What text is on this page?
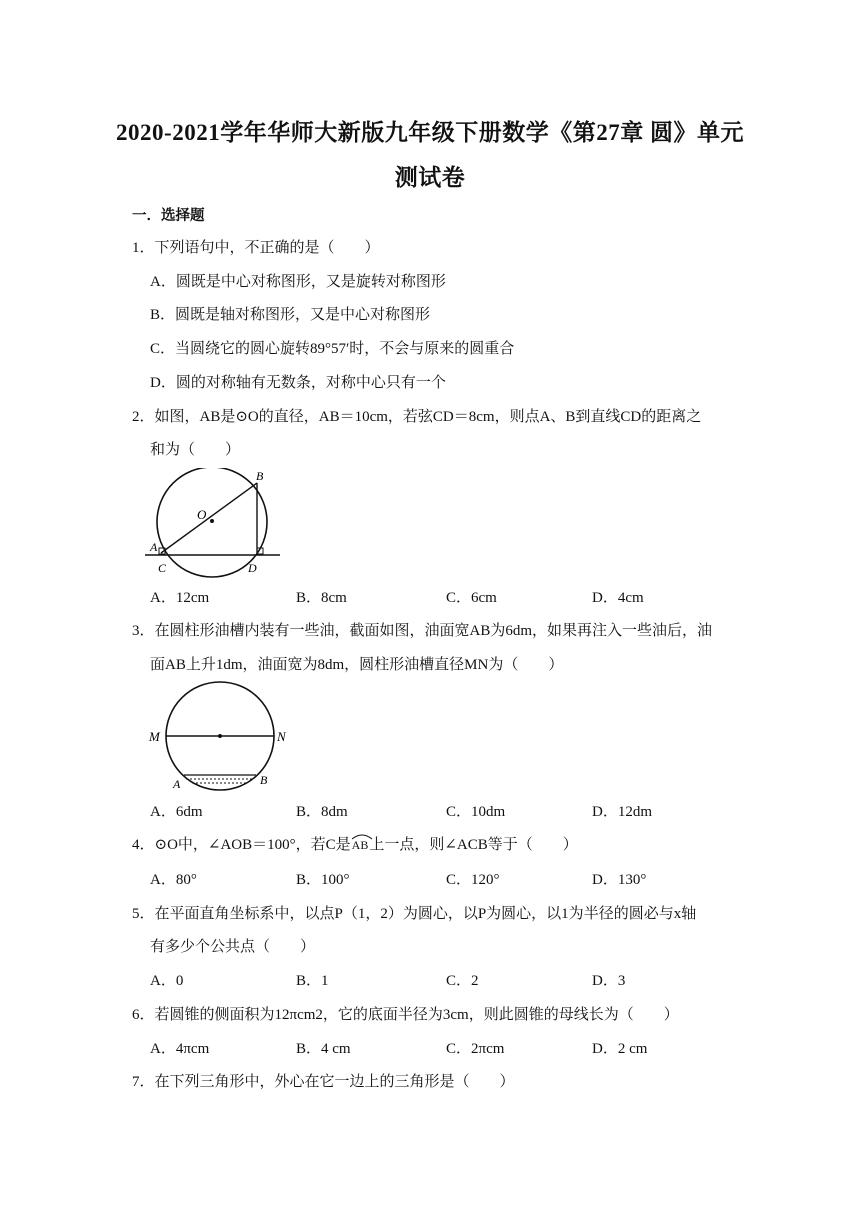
2020-2021学年华师大新版九年级下册数学《第27章 圆》单元
测试卷
一．选择题
1．下列语句中，不正确的是（　　）
A．圆既是中心对称图形，又是旋转对称图形
B．圆既是轴对称图形，又是中心对称图形
C．当圆绕它的圆心旋转89°57′时，不会与原来的圆重合
D．圆的对称轴有无数条，对称中心只有一个
2．如图，AB是⊙O的直径，AB＝10cm，若弦CD＝8cm，则点A、B到直线CD的距离之
和为（　　）
O
B
A
C	D
A．12cm	B．8cm	C．6cm	D．4cm
3．在圆柱形油槽内装有一些油，截面如图，油面宽AB为6dm，如果再注入一些油后，油
面AB上升1dm，油面宽为8dm，圆柱形油槽直径MN为（　　）
M	N
A	B
A．6dm	B．8dm	C．10dm	D．12dm
4．⊙O中，∠AOB＝100°，若C是
AB上一点，则∠ACB等于（　　）
A．80°	B．100°	C．120°	D．130°
5．在平面直角坐标系中，以点P（1，2）为圆心，以P为圆心，以1为半径的圆必与x轴
有多少个公共点（　　）
A．0	B．1	C．2	D．3
6．若圆锥的侧面积为12πcm2，它的底面半径为3cm，则此圆锥的母线长为（　　）
A．4πcm	B．4 cm	C．2πcm	D．2 cm
7．在下列三角形中，外心在它一边上的三角形是（　　）
